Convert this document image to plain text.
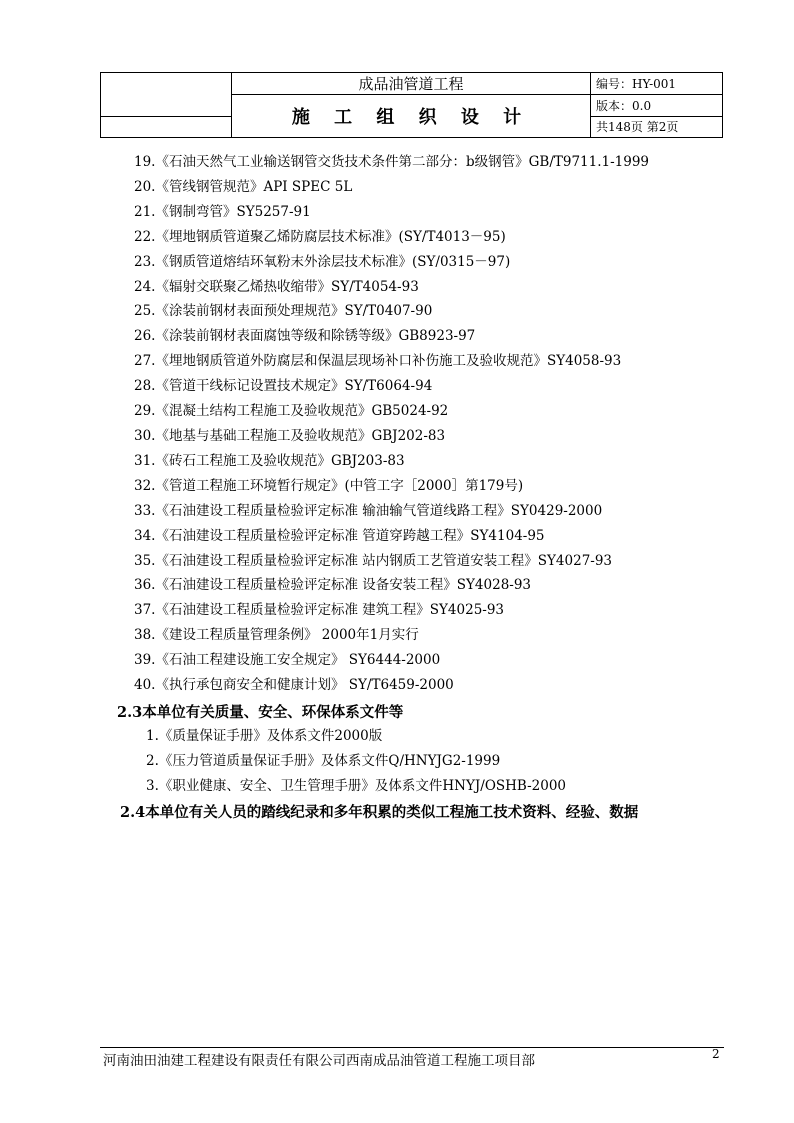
	成品油管道工程	编号：HY-001
	施 工 组 织 设 计	版本：0.0
		共148页 第2页
19.《石油天然气工业输送钢管交货技术条件第二部分：b级钢管》GB/T9711.1-1999
20.《管线钢管规范》API SPEC 5L
21.《钢制弯管》SY5257-91
22.《埋地钢质管道聚乙烯防腐层技术标准》(SY/T4013－95)
23.《钢质管道熔结环氧粉末外涂层技术标准》(SY/0315－97)
24.《辐射交联聚乙烯热收缩带》SY/T4054-93
25.《涂装前钢材表面预处理规范》SY/T0407-90
26.《涂装前钢材表面腐蚀等级和除锈等级》GB8923-97
27.《埋地钢质管道外防腐层和保温层现场补口补伤施工及验收规范》SY4058-93
28.《管道干线标记设置技术规定》SY/T6064-94
29.《混凝土结构工程施工及验收规范》GB5024-92
30.《地基与基础工程施工及验收规范》GBJ202-83
31.《砖石工程施工及验收规范》GBJ203-83
32.《管道工程施工环境暂行规定》(中管工字［2000］第179号)
33.《石油建设工程质量检验评定标准 输油输气管道线路工程》SY0429-2000
34.《石油建设工程质量检验评定标准 管道穿跨越工程》SY4104-95
35.《石油建设工程质量检验评定标准 站内钢质工艺管道安装工程》SY4027-93
36.《石油建设工程质量检验评定标准 设备安装工程》SY4028-93
37.《石油建设工程质量检验评定标准 建筑工程》SY4025-93
38.《建设工程质量管理条例》 2000年1月实行
39.《石油工程建设施工安全规定》 SY6444-2000
40.《执行承包商安全和健康计划》 SY/T6459-2000
2.3本单位有关质量、安全、环保体系文件等
1.《质量保证手册》及体系文件2000版
2.《压力管道质量保证手册》及体系文件Q/HNYJG2-1999
3.《职业健康、安全、卫生管理手册》及体系文件HNYJ/OSHB-2000
2.4本单位有关人员的踏线纪录和多年积累的类似工程施工技术资料、经验、数据
河南油田油建工程建设有限责任有限公司西南成品油管道工程施工项目部	2
